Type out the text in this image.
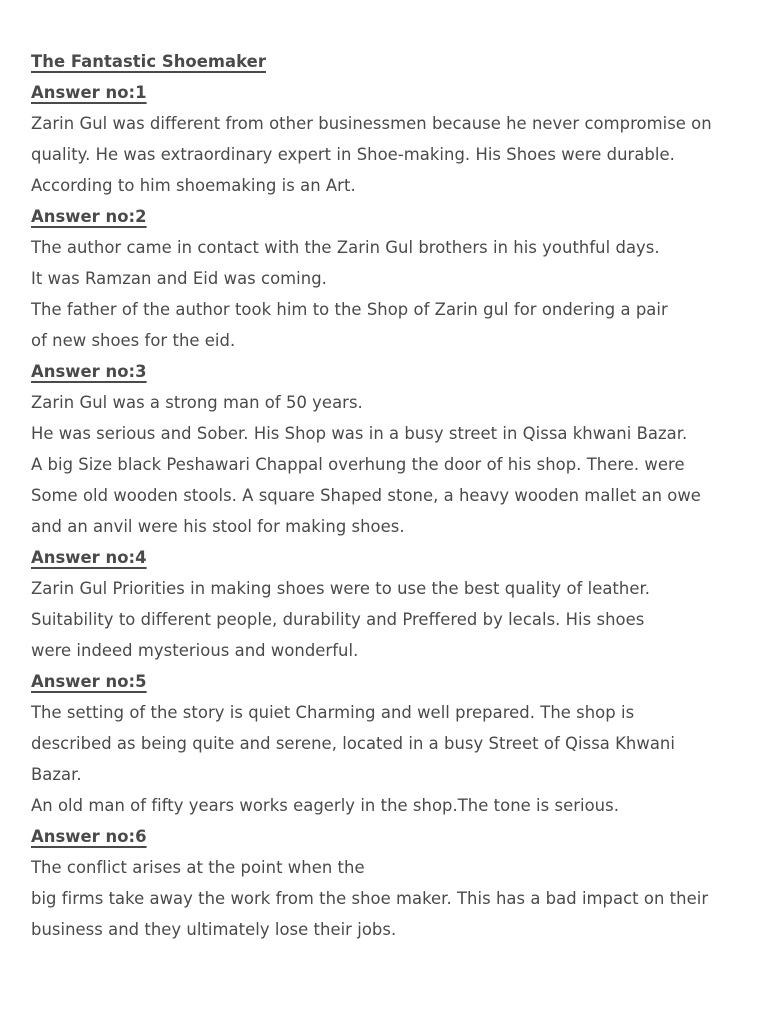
The Fantastic Shoemaker
Answer no:1
Zarin Gul was different from other businessmen because he never compromise on
quality. He was extraordinary expert in Shoe-making. His Shoes were durable.
According to him shoemaking is an Art.
Answer no:2
The author came in contact with the Zarin Gul brothers in his youthful days.
It was Ramzan and Eid was coming.
The father of the author took him to the Shop of Zarin gul for ondering a pair
of new shoes for the eid.
Answer no:3
Zarin Gul was a strong man of 50 years.
He was serious and Sober. His Shop was in a busy street in Qissa khwani Bazar.
A big Size black Peshawari Chappal overhung the door of his shop. There. were
Some old wooden stools. A square Shaped stone, a heavy wooden mallet an owe
and an anvil were his stool for making shoes.
Answer no:4
Zarin Gul Priorities in making shoes were to use the best quality of leather.
Suitability to different people, durability and Preffered by lecals. His shoes
were indeed mysterious and wonderful.
Answer no:5
The setting of the story is quiet Charming and well prepared. The shop is
described as being quite and serene, located in a busy Street of Qissa Khwani
Bazar.
An old man of fifty years works eagerly in the shop.The tone is serious.
Answer no:6
The conflict arises at the point when the
big firms take away the work from the shoe maker. This has a bad impact on their
business and they ultimately lose their jobs.
